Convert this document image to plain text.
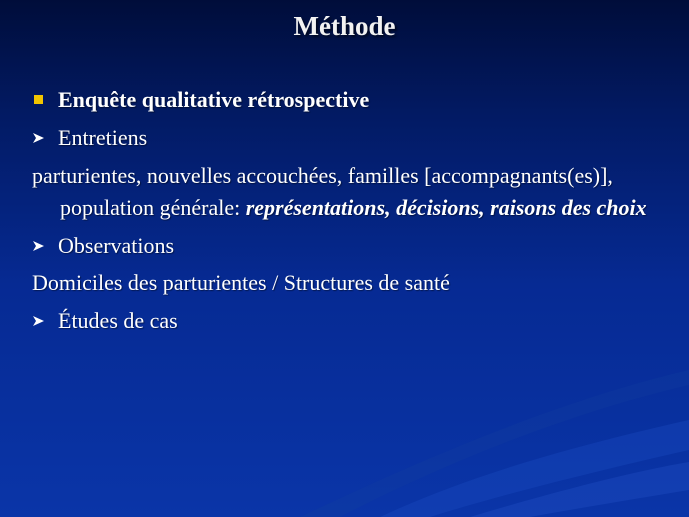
Méthode
Enquête qualitative rétrospective
Entretiens
parturientes, nouvelles accouchées, familles [accompagnants(es)], population générale: représentations, décisions, raisons des choix
Observations
Domiciles des parturientes / Structures de santé
Études de cas
